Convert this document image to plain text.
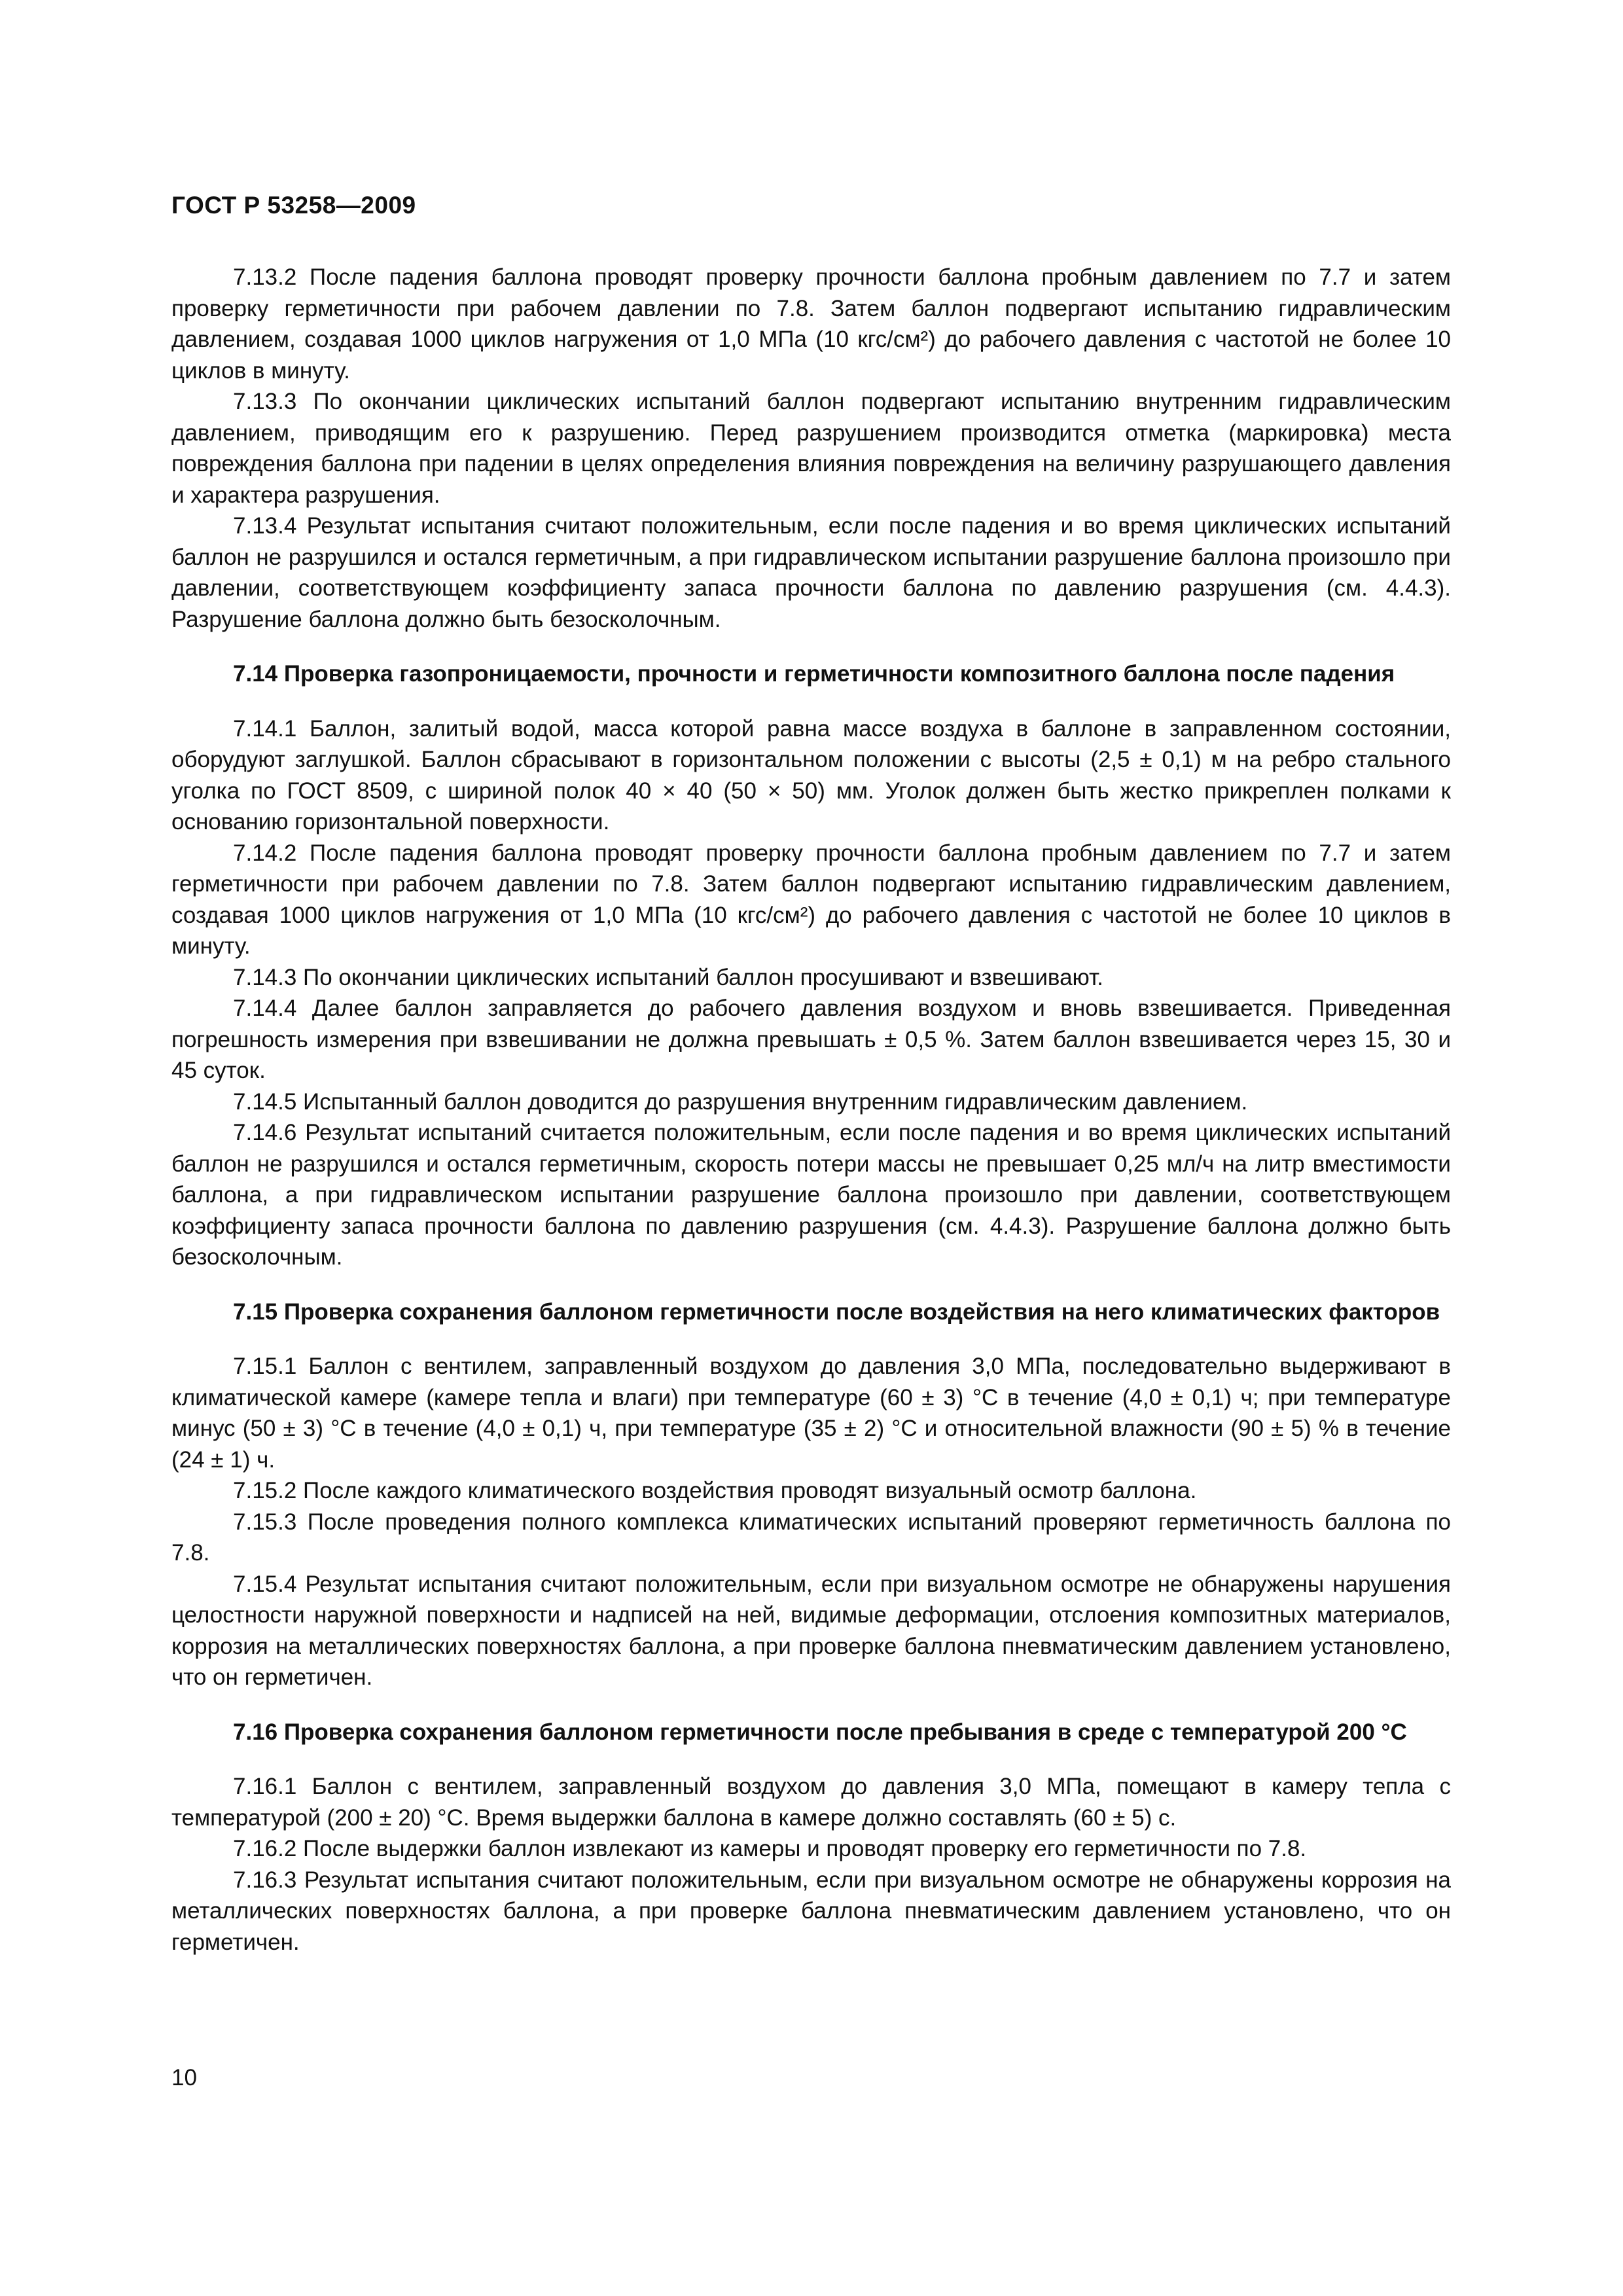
ГОСТ Р 53258—2009

7.13.2 После падения баллона проводят проверку прочности баллона пробным давлением по 7.7 и затем проверку герметичности при рабочем давлении по 7.8. Затем баллон подвергают испытанию гидравлическим давлением, создавая 1000 циклов нагружения от 1,0 МПа (10 кгс/см²) до рабочего давления с частотой не более 10 циклов в минуту.

7.13.3 По окончании циклических испытаний баллон подвергают испытанию внутренним гидравлическим давлением, приводящим его к разрушению. Перед разрушением производится отметка (маркировка) места повреждения баллона при падении в целях определения влияния повреждения на величину разрушающего давления и характера разрушения.

7.13.4 Результат испытания считают положительным, если после падения и во время циклических испытаний баллон не разрушился и остался герметичным, а при гидравлическом испытании разрушение баллона произошло при давлении, соответствующем коэффициенту запаса прочности баллона по давлению разрушения (см. 4.4.3). Разрушение баллона должно быть безосколочным.

7.14 Проверка газопроницаемости, прочности и герметичности композитного баллона после падения

7.14.1 Баллон, залитый водой, масса которой равна массе воздуха в баллоне в заправленном состоянии, оборудуют заглушкой. Баллон сбрасывают в горизонтальном положении с высоты (2,5 ± 0,1) м на ребро стального уголка по ГОСТ 8509, с шириной полок 40 × 40 (50 × 50) мм. Уголок должен быть жестко прикреплен полками к основанию горизонтальной поверхности.

7.14.2 После падения баллона проводят проверку прочности баллона пробным давлением по 7.7 и затем герметичности при рабочем давлении по 7.8. Затем баллон подвергают испытанию гидравлическим давлением, создавая 1000 циклов нагружения от 1,0 МПа (10 кгс/см²) до рабочего давления с частотой не более 10 циклов в минуту.

7.14.3 По окончании циклических испытаний баллон просушивают и взвешивают.

7.14.4 Далее баллон заправляется до рабочего давления воздухом и вновь взвешивается. Приведенная погрешность измерения при взвешивании не должна превышать ± 0,5 %. Затем баллон взвешивается через 15, 30 и 45 суток.

7.14.5 Испытанный баллон доводится до разрушения внутренним гидравлическим давлением.

7.14.6 Результат испытаний считается положительным, если после падения и во время циклических испытаний баллон не разрушился и остался герметичным, скорость потери массы не превышает 0,25 мл/ч на литр вместимости баллона, а при гидравлическом испытании разрушение баллона произошло при давлении, соответствующем коэффициенту запаса прочности баллона по давлению разрушения (см. 4.4.3). Разрушение баллона должно быть безосколочным.

7.15 Проверка сохранения баллоном герметичности после воздействия на него климатических факторов

7.15.1 Баллон с вентилем, заправленный воздухом до давления 3,0 МПа, последовательно выдерживают в климатической камере (камере тепла и влаги) при температуре (60 ± 3) °С в течение (4,0 ± 0,1) ч; при температуре минус (50 ± 3) °С в течение (4,0 ± 0,1) ч, при температуре (35 ± 2) °С и относительной влажности (90 ± 5) % в течение (24 ± 1) ч.

7.15.2 После каждого климатического воздействия проводят визуальный осмотр баллона.

7.15.3 После проведения полного комплекса климатических испытаний проверяют герметичность баллона по 7.8.

7.15.4 Результат испытания считают положительным, если при визуальном осмотре не обнаружены нарушения целостности наружной поверхности и надписей на ней, видимые деформации, отслоения композитных материалов, коррозия на металлических поверхностях баллона, а при проверке баллона пневматическим давлением установлено, что он герметичен.

7.16 Проверка сохранения баллоном герметичности после пребывания в среде с температурой 200 °С

7.16.1 Баллон с вентилем, заправленный воздухом до давления 3,0 МПа, помещают в камеру тепла с температурой (200 ± 20) °С. Время выдержки баллона в камере должно составлять (60 ± 5) с.

7.16.2 После выдержки баллон извлекают из камеры и проводят проверку его герметичности по 7.8.

7.16.3 Результат испытания считают положительным, если при визуальном осмотре не обнаружены коррозия на металлических поверхностях баллона, а при проверке баллона пневматическим давлением установлено, что он герметичен.

10
